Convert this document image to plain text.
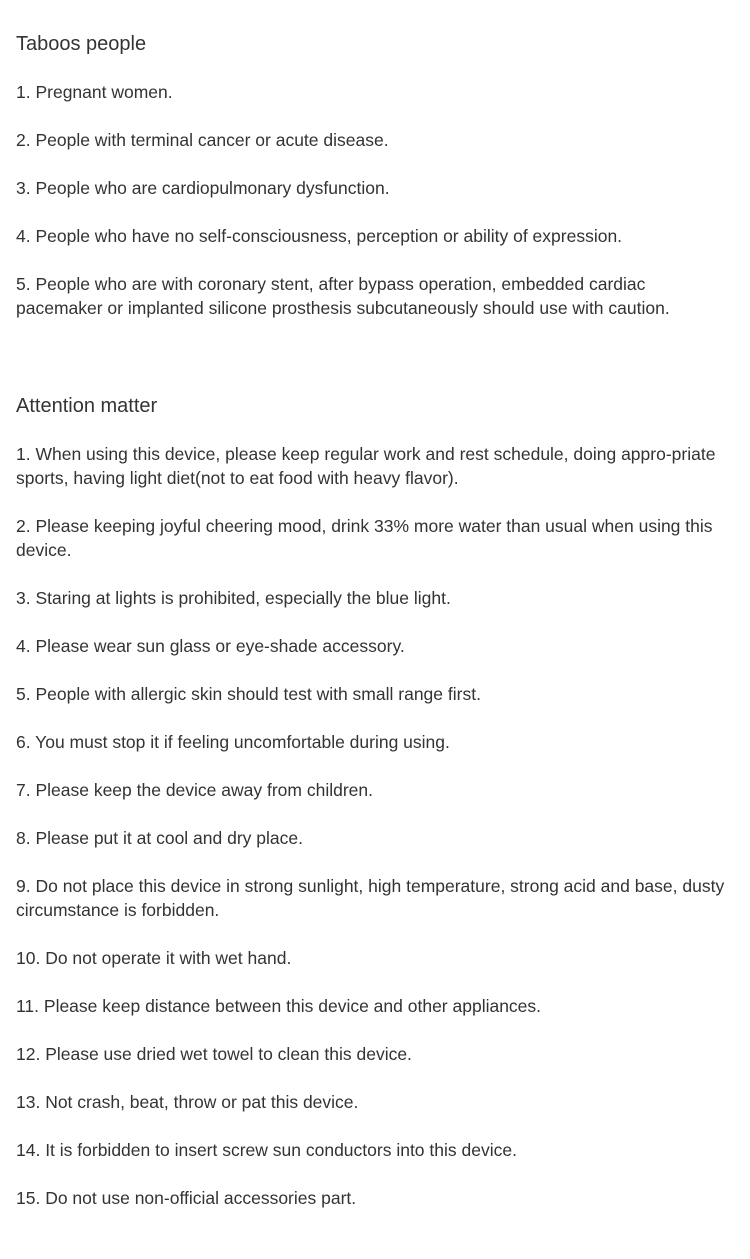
Taboos people

1. Pregnant women.

2. People with terminal cancer or acute disease.

3. People who are cardiopulmonary dysfunction.

4. People who have no self-consciousness, perception or ability of expression.

5. People who are with coronary stent, after bypass operation, embedded cardiac pacemaker or implanted silicone prosthesis subcutaneously should use with caution.

Attention matter

1. When using this device, please keep regular work and rest schedule, doing appro-priate sports, having light diet(not to eat food with heavy flavor).

2. Please keeping joyful cheering mood, drink 33% more water than usual when using this device.

3. Staring at lights is prohibited, especially the blue light.

4. Please wear sun glass or eye-shade accessory.

5. People with allergic skin should test with small range first.

6. You must stop it if feeling uncomfortable during using.

7. Please keep the device away from children.

8. Please put it at cool and dry place.

9. Do not place this device in strong sunlight, high temperature, strong acid and base, dusty circumstance is forbidden.

10. Do not operate it with wet hand.

11. Please keep distance between this device and other appliances.

12. Please use dried wet towel to clean this device.

13. Not crash, beat, throw or pat this device.

14. It is forbidden to insert screw sun conductors into this device.

15. Do not use non-official accessories part.
